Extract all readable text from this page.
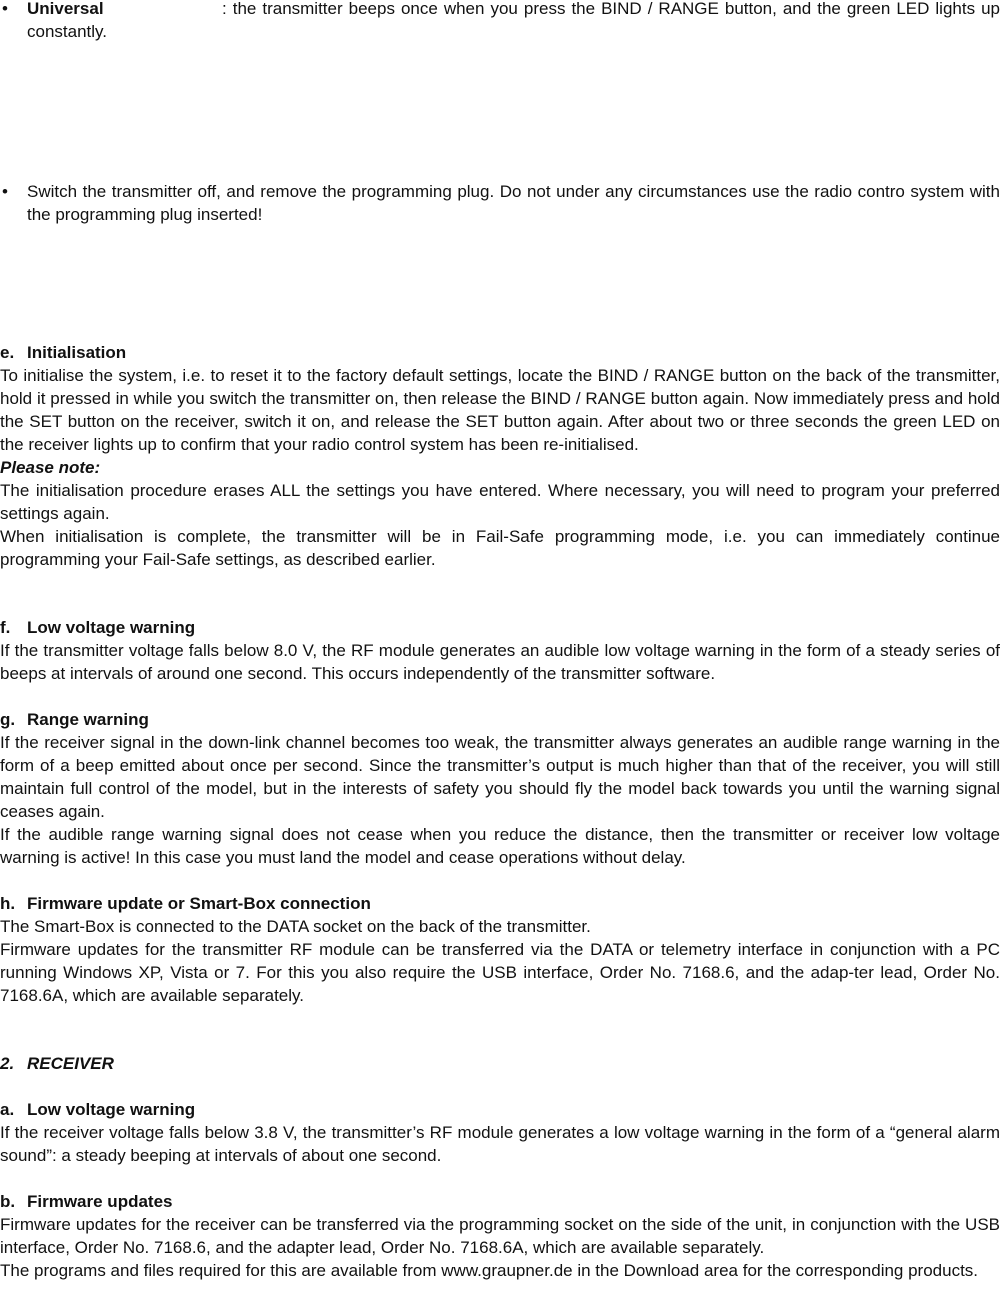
•	Universal	: the transmitter beeps once when you press the BIND / RANGE button, and the green LED lights up constantly.
•	Switch the transmitter off, and remove the programming plug. Do not under any circumstances use the radio contro system with the programming plug inserted!

e. Initialisation

To initialise the system, i.e. to reset it to the factory default settings, locate the BIND / RANGE button on the back of the transmitter, hold it pressed in while you switch the transmitter on, then release the BIND / RANGE button again. Now immediately press and hold the SET button on the receiver, switch it on, and release the SET button again. After about two or three seconds the green LED on the receiver lights up to confirm that your radio control system has been re-initialised.

Please note:

The initialisation procedure erases ALL the settings you have entered. Where necessary, you will need to program your preferred settings again.

When initialisation is complete, the transmitter will be in Fail-Safe programming mode, i.e. you can immediately continue programming your Fail-Safe settings, as described earlier.

f. Low voltage warning

If the transmitter voltage falls below 8.0 V, the RF module generates an audible low voltage warning in the form of a steady series of beeps at intervals of around one second. This occurs independently of the transmitter software.

g. Range warning

If the receiver signal in the down-link channel becomes too weak, the transmitter always generates an audible range warning in the form of a beep emitted about once per second. Since the transmitter’s output is much higher than that of the receiver, you will still maintain full control of the model, but in the interests of safety you should fly the model back towards you until the warning signal ceases again.

If the audible range warning signal does not cease when you reduce the distance, then the transmitter or receiver low voltage warning is active! In this case you must land the model and cease operations without delay.

h. Firmware update or Smart-Box connection

The Smart-Box is connected to the DATA socket on the back of the transmitter.

Firmware updates for the transmitter RF module can be transferred via the DATA or telemetry interface in conjunction with a PC running Windows XP, Vista or 7. For this you also require the USB interface, Order No. 7168.6, and the adap-ter lead, Order No. 7168.6A, which are available separately.

2. RECEIVER

a. Low voltage warning

If the receiver voltage falls below 3.8 V, the transmitter’s RF module generates a low voltage warning in the form of a “general alarm sound”: a steady beeping at intervals of about one second.

b. Firmware updates

Firmware updates for the receiver can be transferred via the programming socket on the side of the unit, in conjunction with the USB interface, Order No. 7168.6, and the adapter lead, Order No. 7168.6A, which are available separately.

The programs and files required for this are available from www.graupner.de in the Download area for the corresponding products.
